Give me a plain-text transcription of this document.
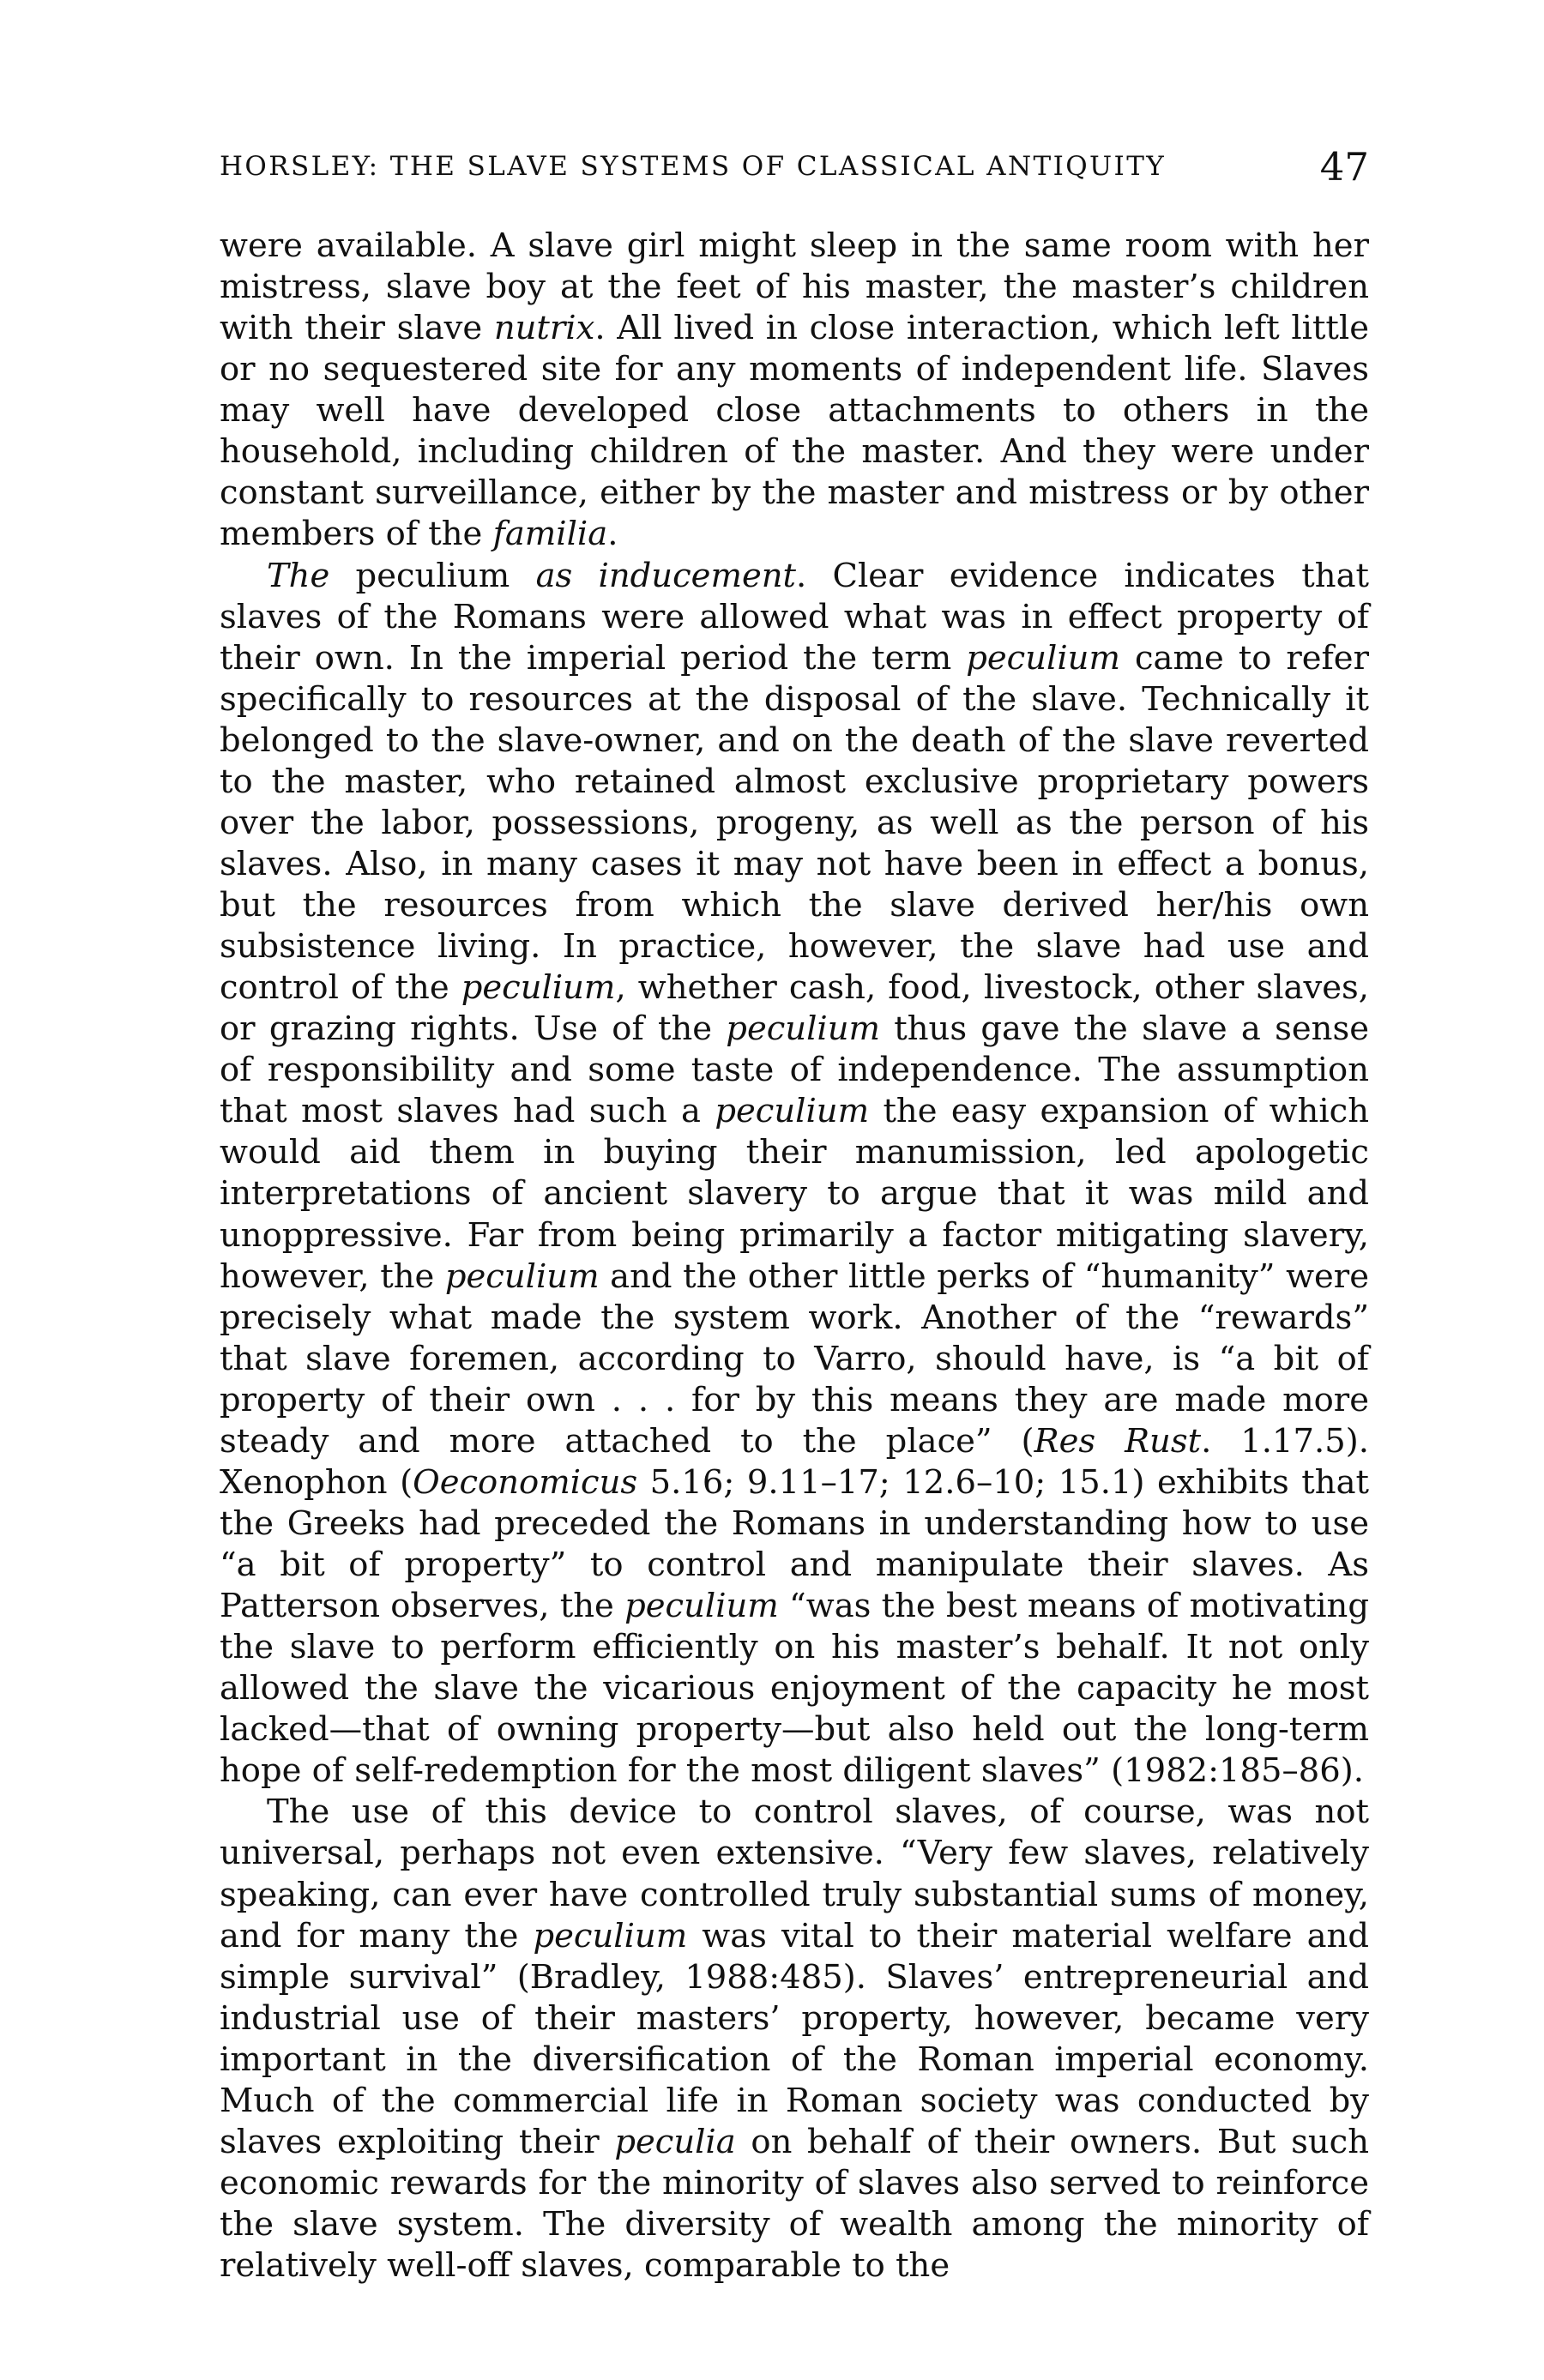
HORSLEY: THE SLAVE SYSTEMS OF CLASSICAL ANTIQUITY	47

were available. A slave girl might sleep in the same room with her mistress, slave boy at the feet of his master, the master’s children with their slave nutrix. All lived in close interaction, which left little or no sequestered site for any moments of independent life. Slaves may well have developed close attachments to others in the household, including children of the master. And they were under constant surveillance, either by the master and mistress or by other members of the familia.

The peculium as inducement. Clear evidence indicates that slaves of the Romans were allowed what was in effect property of their own. In the imperial period the term peculium came to refer specifically to resources at the disposal of the slave. Technically it belonged to the slave-owner, and on the death of the slave reverted to the master, who retained almost exclusive proprietary powers over the labor, possessions, progeny, as well as the person of his slaves. Also, in many cases it may not have been in effect a bonus, but the resources from which the slave derived her/his own subsistence living. In practice, however, the slave had use and control of the peculium, whether cash, food, livestock, other slaves, or grazing rights. Use of the peculium thus gave the slave a sense of responsibility and some taste of independence. The assumption that most slaves had such a peculium the easy expansion of which would aid them in buying their manumission, led apologetic interpretations of ancient slavery to argue that it was mild and unoppressive. Far from being primarily a factor mitigating slavery, however, the peculium and the other little perks of “humanity” were precisely what made the system work. Another of the “rewards” that slave foremen, according to Varro, should have, is “a bit of property of their own . . . for by this means they are made more steady and more attached to the place” (Res Rust. 1.17.5). Xenophon (Oeconomicus 5.16; 9.11–17; 12.6–10; 15.1) exhibits that the Greeks had preceded the Romans in understanding how to use “a bit of property” to control and manipulate their slaves. As Patterson observes, the peculium “was the best means of motivating the slave to perform efficiently on his master’s behalf. It not only allowed the slave the vicarious enjoyment of the capacity he most lacked—that of owning property—but also held out the long-term hope of self-redemption for the most diligent slaves” (1982:185–86).

The use of this device to control slaves, of course, was not universal, perhaps not even extensive. “Very few slaves, relatively speaking, can ever have controlled truly substantial sums of money, and for many the peculium was vital to their material welfare and simple survival” (Bradley, 1988:485). Slaves’ entrepreneurial and industrial use of their masters’ property, however, became very important in the diversification of the Roman imperial economy. Much of the commercial life in Roman society was conducted by slaves exploiting their peculia on behalf of their owners. But such economic rewards for the minority of slaves also served to reinforce the slave system. The diversity of wealth among the minority of relatively well-off slaves, comparable to the
